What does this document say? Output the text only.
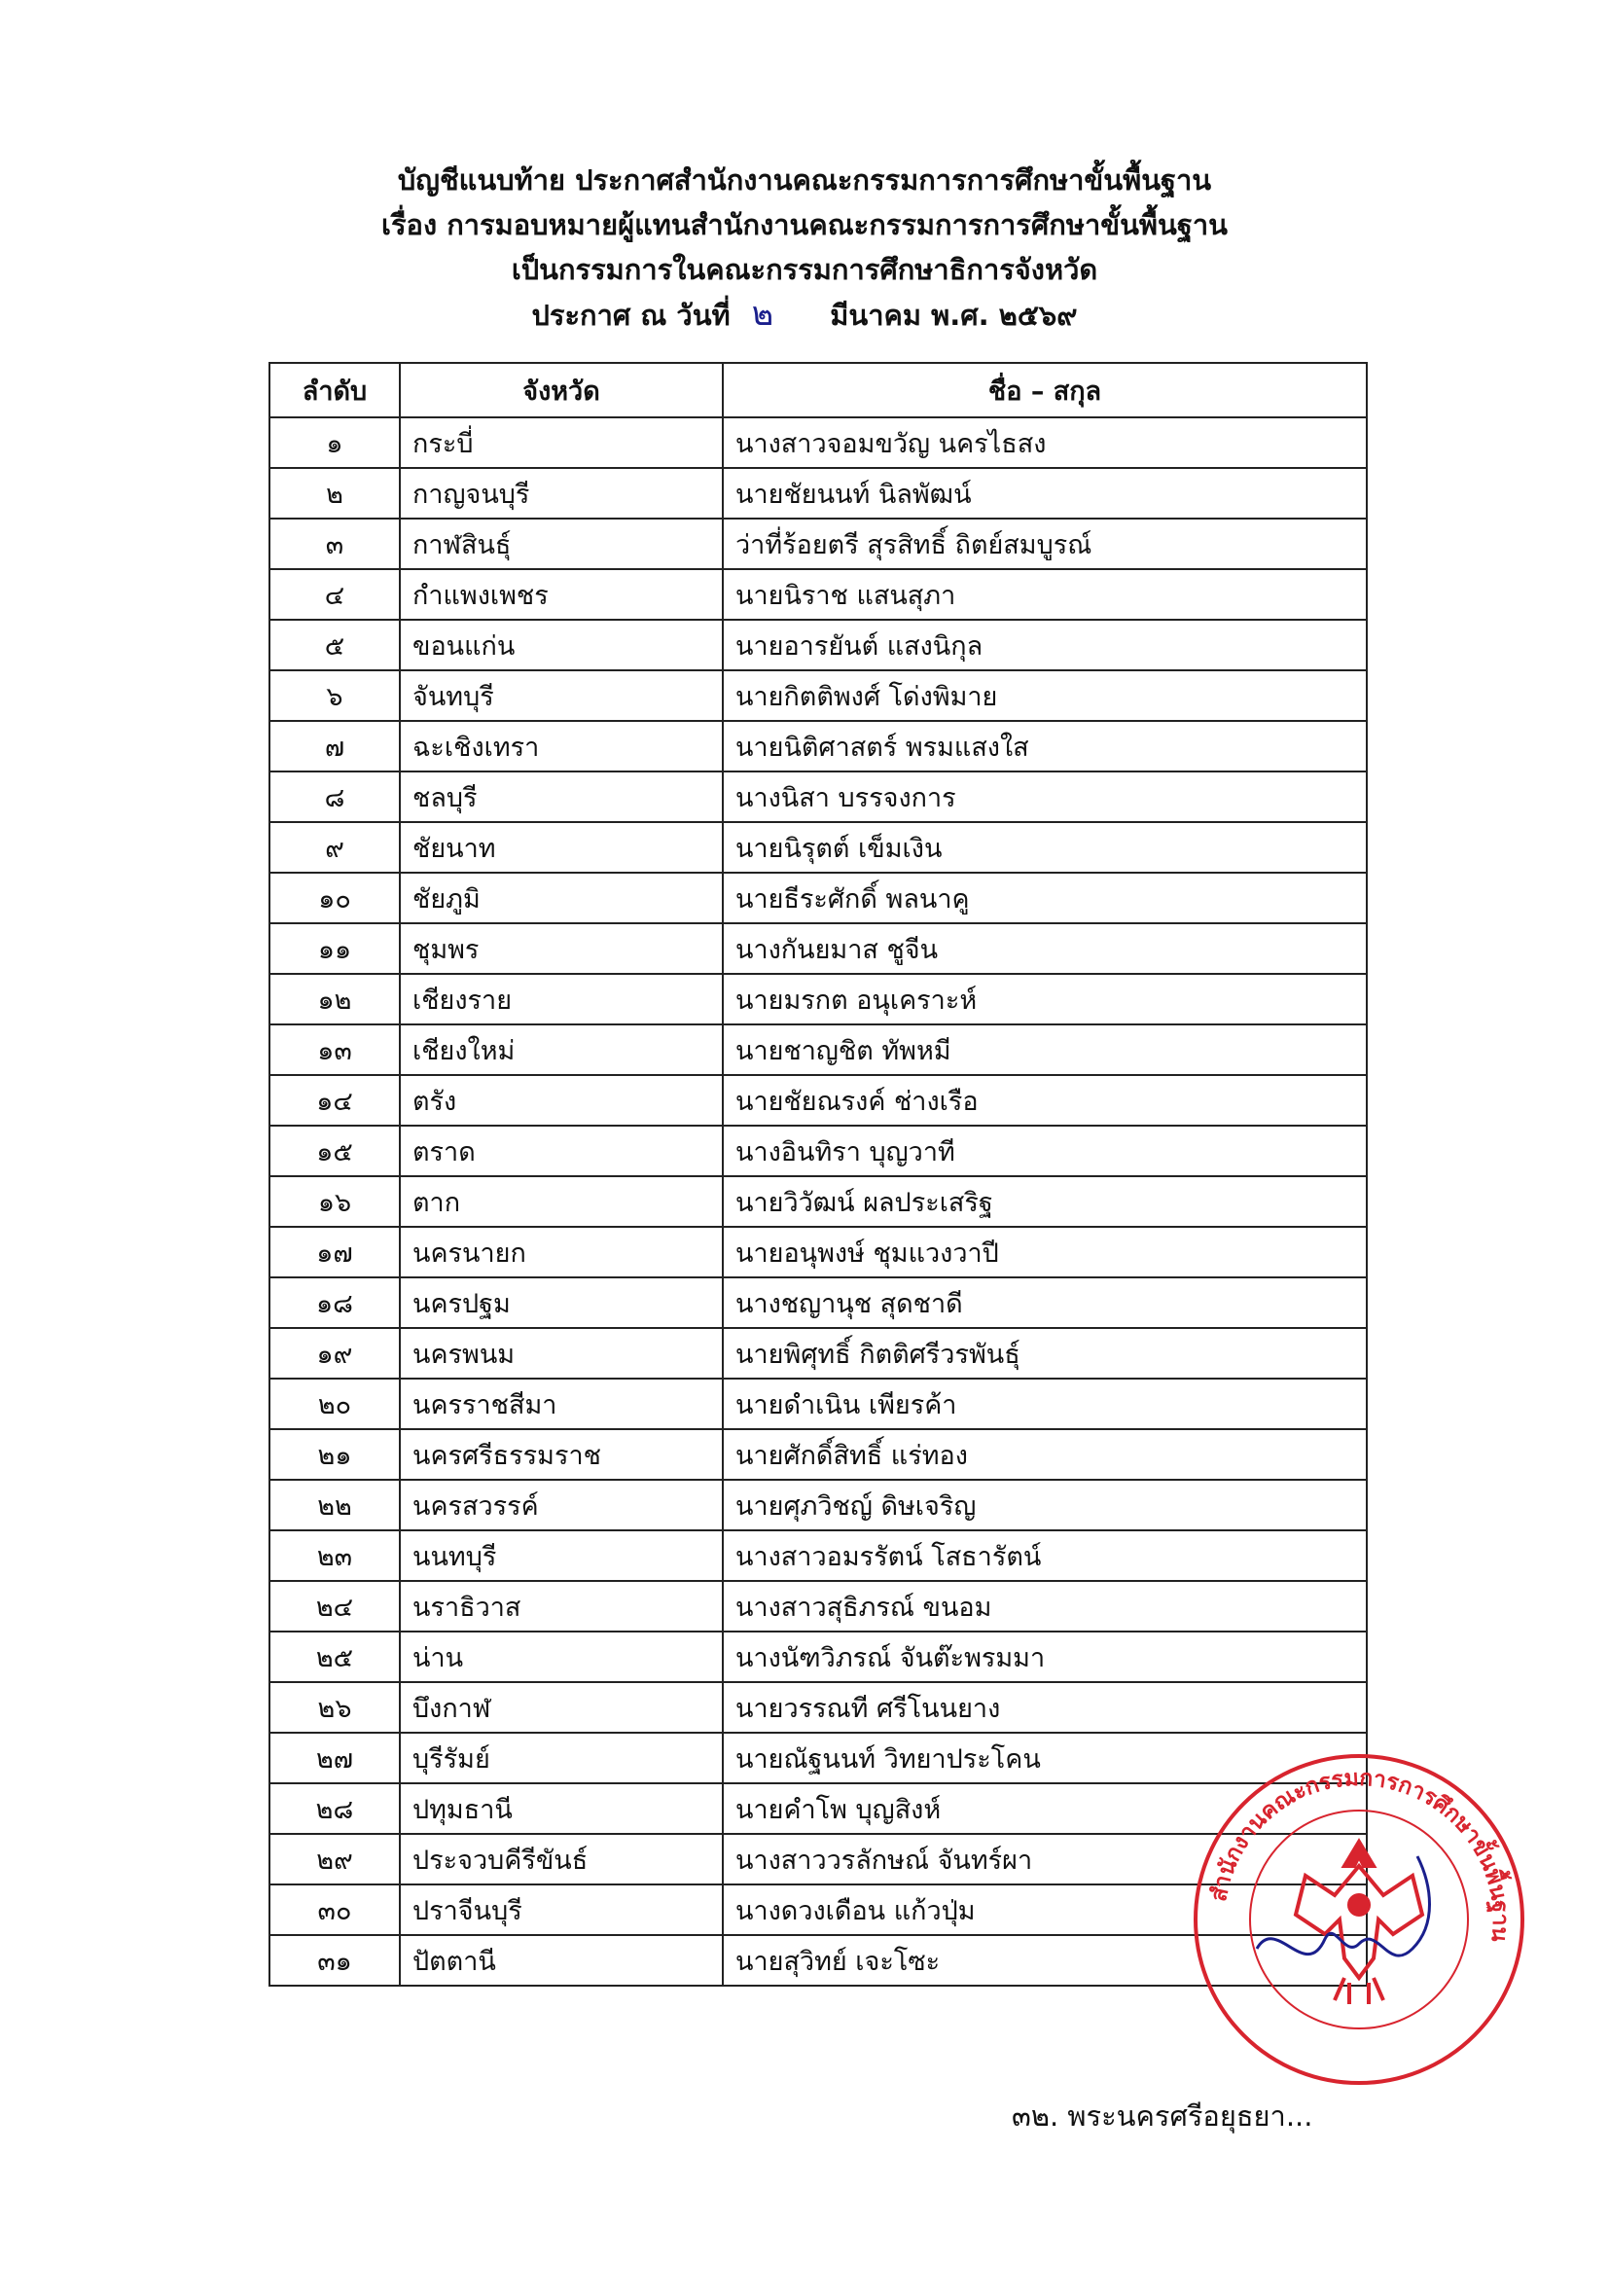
บัญชีแนบท้าย ประกาศสำนักงานคณะกรรมการการศึกษาขั้นพื้นฐาน
เรื่อง การมอบหมายผู้แทนสำนักงานคณะกรรมการการศึกษาขั้นพื้นฐาน
เป็นกรรมการในคณะกรรมการศึกษาธิการจังหวัด
ประกาศ ณ วันที่ ๒ มีนาคม พ.ศ. ๒๕๖๙
ลำดับ	จังหวัด	ชื่อ – สกุล
๑	กระบี่	นางสาวจอมขวัญ นครไธสง
๒	กาญจนบุรี	นายชัยนนท์ นิลพัฒน์
๓	กาฬสินธุ์	ว่าที่ร้อยตรี สุรสิทธิ์ ถิตย์สมบูรณ์
๔	กำแพงเพชร	นายนิราช แสนสุภา
๕	ขอนแก่น	นายอารยันต์ แสงนิกุล
๖	จันทบุรี	นายกิตติพงศ์ โด่งพิมาย
๗	ฉะเชิงเทรา	นายนิติศาสตร์ พรมแสงใส
๘	ชลบุรี	นางนิสา บรรจงการ
๙	ชัยนาท	นายนิรุตต์ เข็มเงิน
๑๐	ชัยภูมิ	นายธีระศักดิ์ พลนาคู
๑๑	ชุมพร	นางกันยมาส ชูจีน
๑๒	เชียงราย	นายมรกต อนุเคราะห์
๑๓	เชียงใหม่	นายชาญชิต ทัพหมี
๑๔	ตรัง	นายชัยณรงค์ ช่างเรือ
๑๕	ตราด	นางอินทิรา บุญวาที
๑๖	ตาก	นายวิวัฒน์ ผลประเสริฐ
๑๗	นครนายก	นายอนุพงษ์ ชุมแวงวาปี
๑๘	นครปฐม	นางชญานุช สุดชาดี
๑๙	นครพนม	นายพิศุทธิ์ กิตติศรีวรพันธุ์
๒๐	นครราชสีมา	นายดำเนิน เพียรค้า
๒๑	นครศรีธรรมราช	นายศักดิ์สิทธิ์ แร่ทอง
๒๒	นครสวรรค์	นายศุภวิชญ์ ดิษเจริญ
๒๓	นนทบุรี	นางสาวอมรรัตน์ โสธารัตน์
๒๔	นราธิวาส	นางสาวสุธิภรณ์ ขนอม
๒๕	น่าน	นางนัฑวิภรณ์ จันต๊ะพรมมา
๒๖	บึงกาฬ	นายวรรณที ศรีโนนยาง
๒๗	บุรีรัมย์	นายณัฐนนท์ วิทยาประโคน
๒๘	ปทุมธานี	นายคำโพ บุญสิงห์
๒๙	ประจวบคีรีขันธ์	นางสาววรลักษณ์ จันทร์ผา
๓๐	ปราจีนบุรี	นางดวงเดือน แก้วปุ่ม
๓๑	ปัตตานี	นายสุวิทย์ เจะโซะ
๓๒. พระนครศรีอยุธยา...
สำนักงานคณะกรรมการการศึกษาขั้นพื้นฐาน
